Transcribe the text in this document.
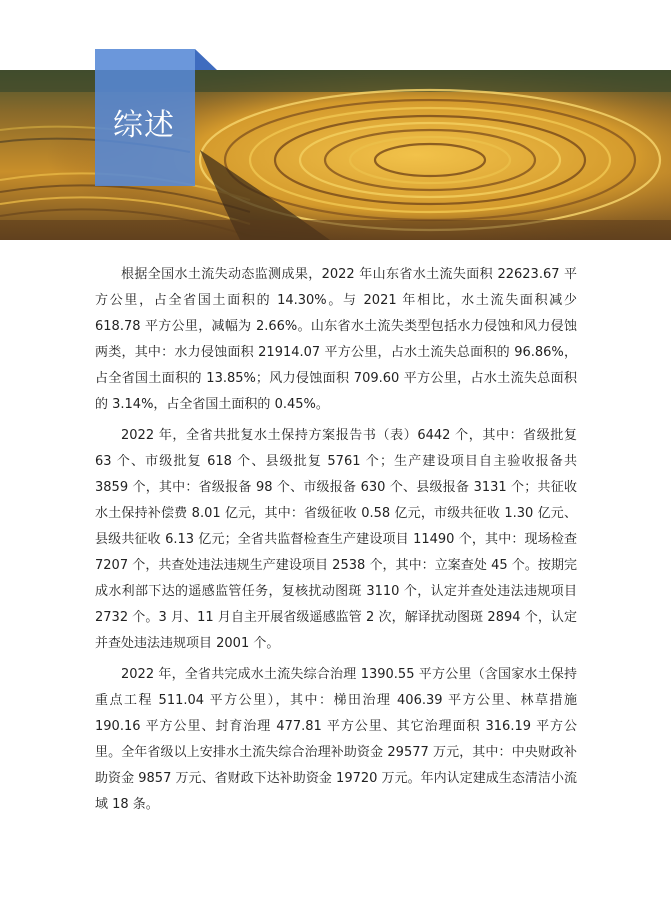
综述

根据全国水土流失动态监测成果，2022 年山东省水土流失面积 22623.67 平方公里，占全省国土面积的 14.30%。与 2021 年相比，水土流失面积减少 618.78 平方公里，减幅为 2.66%。山东省水土流失类型包括水力侵蚀和风力侵蚀两类，其中：水力侵蚀面积 21914.07 平方公里，占水土流失总面积的 96.86%，占全省国土面积的 13.85%；风力侵蚀面积 709.60 平方公里，占水土流失总面积的 3.14%，占全省国土面积的 0.45%。

2022 年，全省共批复水土保持方案报告书（表）6442 个，其中：省级批复 63 个、市级批复 618 个、县级批复 5761 个；生产建设项目自主验收报备共 3859 个，其中：省级报备 98 个、市级报备 630 个、县级报备 3131 个；共征收水土保持补偿费 8.01 亿元，其中：省级征收 0.58 亿元，市级共征收 1.30 亿元、县级共征收 6.13 亿元；全省共监督检查生产建设项目 11490 个，其中：现场检查 7207 个，共查处违法违规生产建设项目 2538 个，其中：立案查处 45 个。按期完成水利部下达的遥感监管任务，复核扰动图斑 3110 个，认定并查处违法违规项目 2732 个。3 月、11 月自主开展省级遥感监管 2 次，解译扰动图斑 2894 个，认定并查处违法违规项目 2001 个。

2022 年，全省共完成水土流失综合治理 1390.55 平方公里（含国家水土保持重点工程 511.04 平方公里），其中：梯田治理 406.39 平方公里、林草措施 190.16 平方公里、封育治理 477.81 平方公里、其它治理面积 316.19 平方公里。全年省级以上安排水土流失综合治理补助资金 29577 万元，其中：中央财政补助资金 9857 万元、省财政下达补助资金 19720 万元。年内认定建成生态清洁小流域 18 条。
